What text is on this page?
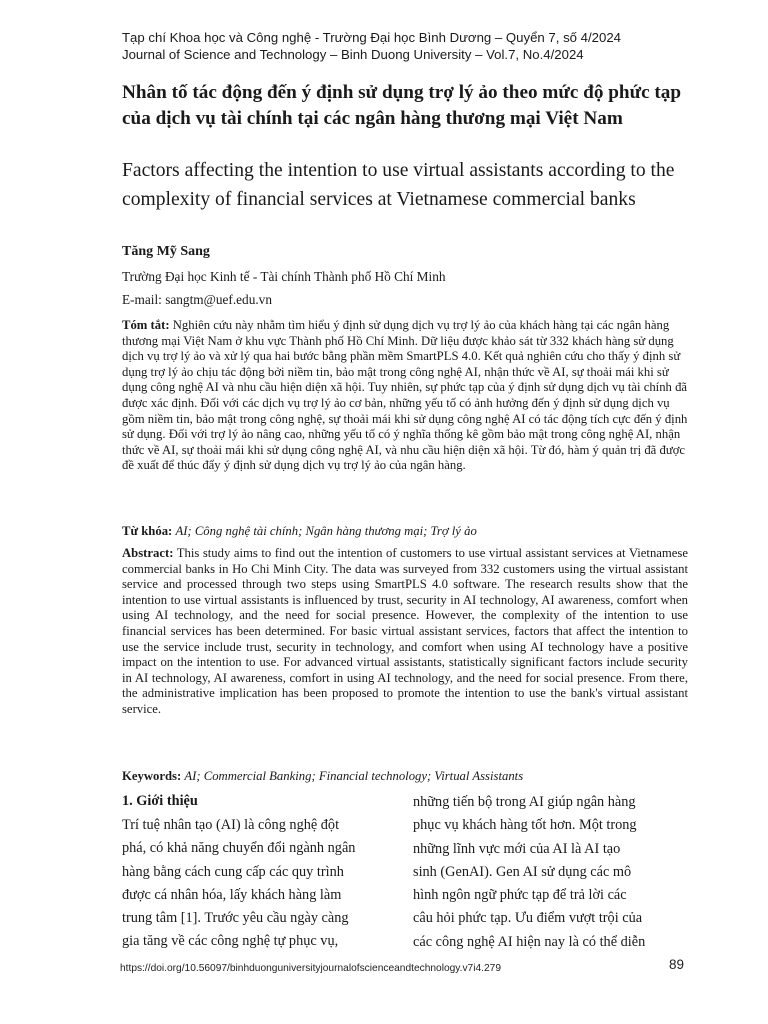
Tạp chí Khoa học và Công nghệ - Trường Đại học Bình Dương – Quyển 7, số 4/2024
Journal of Science and Technology – Binh Duong University – Vol.7, No.4/2024
Nhân tố tác động đến ý định sử dụng trợ lý ảo theo mức độ phức tạp của dịch vụ tài chính tại các ngân hàng thương mại Việt Nam
Factors affecting the intention to use virtual assistants according to the complexity of financial services at Vietnamese commercial banks
Tăng Mỹ Sang
Trường Đại học Kinh tế - Tài chính Thành phố Hồ Chí Minh
E-mail: sangtm@uef.edu.vn
Tóm tắt: Nghiên cứu này nhằm tìm hiểu ý định sử dụng dịch vụ trợ lý ảo của khách hàng tại các ngân hàng thương mại Việt Nam ở khu vực Thành phố Hồ Chí Minh. Dữ liệu được khảo sát từ 332 khách hàng sử dụng dịch vụ trợ lý ảo và xử lý qua hai bước bằng phần mềm SmartPLS 4.0. Kết quả nghiên cứu cho thấy ý định sử dụng trợ lý ảo chịu tác động bởi niềm tin, bảo mật trong công nghệ AI, nhận thức về AI, sự thoải mái khi sử dụng công nghệ AI và nhu cầu hiện diện xã hội. Tuy nhiên, sự phức tạp của ý định sử dụng dịch vụ tài chính đã được xác định. Đối với các dịch vụ trợ lý ảo cơ bản, những yếu tố có ảnh hưởng đến ý định sử dụng dịch vụ gồm niềm tin, bảo mật trong công nghệ, sự thoải mái khi sử dụng công nghệ AI có tác động tích cực đến ý định sử dụng. Đối với trợ lý ảo nâng cao, những yếu tố có ý nghĩa thống kê gồm bảo mật trong công nghệ AI, nhận thức về AI, sự thoải mái khi sử dụng công nghệ AI, và nhu cầu hiện diện xã hội. Từ đó, hàm ý quản trị đã được đề xuất để thúc đẩy ý định sử dụng dịch vụ trợ lý ảo của ngân hàng.
Từ khóa: AI; Công nghệ tài chính; Ngân hàng thương mại; Trợ lý ảo
Abstract: This study aims to find out the intention of customers to use virtual assistant services at Vietnamese commercial banks in Ho Chi Minh City. The data was surveyed from 332 customers using the virtual assistant service and processed through two steps using SmartPLS 4.0 software. The research results show that the intention to use virtual assistants is influenced by trust, security in AI technology, AI awareness, comfort when using AI technology, and the need for social presence. However, the complexity of the intention to use financial services has been determined. For basic virtual assistant services, factors that affect the intention to use the service include trust, security in technology, and comfort when using AI technology have a positive impact on the intention to use. For advanced virtual assistants, statistically significant factors include security in AI technology, AI awareness, comfort in using AI technology, and the need for social presence. From there, the administrative implication has been proposed to promote the intention to use the bank's virtual assistant service.
Keywords: AI; Commercial Banking; Financial technology; Virtual Assistants
1. Giới thiệu
Trí tuệ nhân tạo (AI) là công nghệ đột
phá, có khả năng chuyển đổi ngành ngân
hàng bằng cách cung cấp các quy trình
được cá nhân hóa, lấy khách hàng làm
trung tâm [1]. Trước yêu cầu ngày càng
gia tăng về các công nghệ tự phục vụ,
những tiến bộ trong AI giúp ngân hàng
phục vụ khách hàng tốt hơn. Một trong
những lĩnh vực mới của AI là AI tạo
sinh (GenAI). Gen AI sử dụng các mô
hình ngôn ngữ phức tạp để trả lời các
câu hỏi phức tạp. Ưu điểm vượt trội của
các công nghệ AI hiện nay là có thể diễn
https://doi.org/10.56097/binhduonguniversityjournalofscienceandtechnology.v7i4.279	89
